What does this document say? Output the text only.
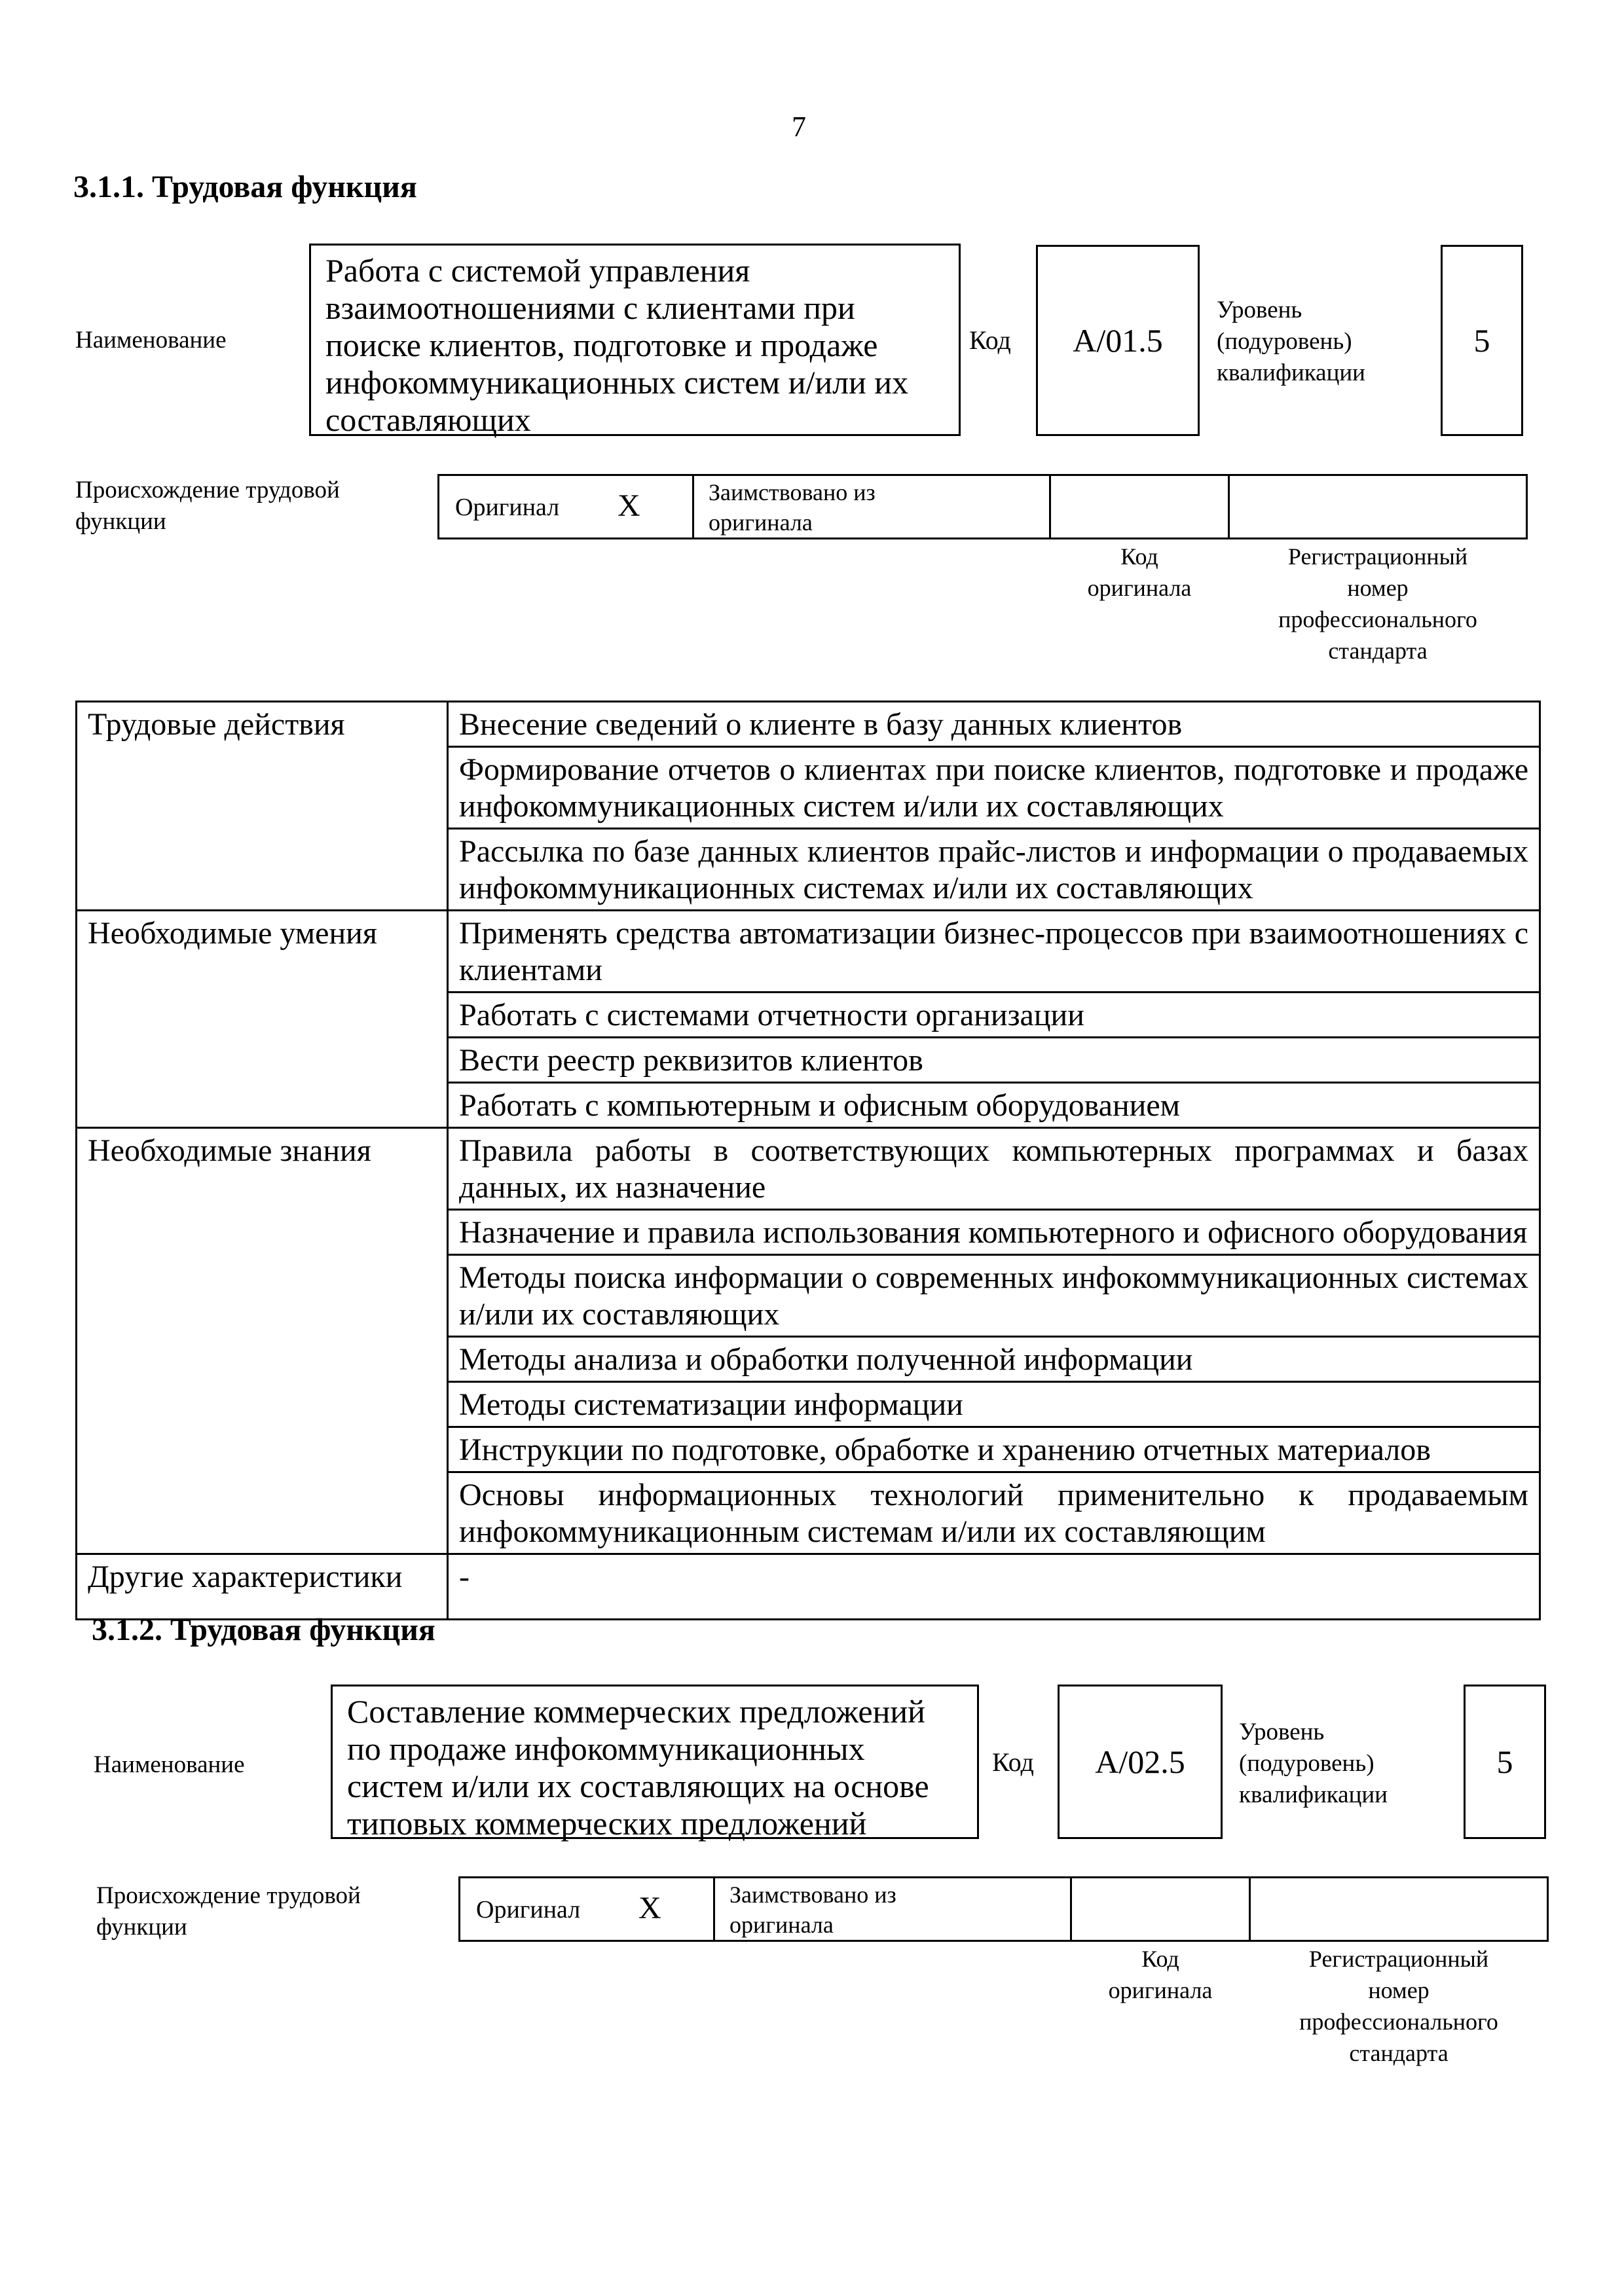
7
3.1.1. Трудовая функция
Наименование
Работа с системой управления
взаимоотношениями с клиентами при
поиске клиентов, подготовке и продаже
инфокоммуникационных систем и/или их
составляющих
Код	A/01.5
Уровень
(подуровень)
квалификации
5
Происхождение трудовой
функции
Оригинал X	Заимствовано из
оригинала
Код
оригинала
Регистрационный
номер
профессионального
стандарта
Трудовые действия	Внесение сведений о клиенте в базу данных клиентов
	Формирование отчетов о клиентах при поиске клиентов, подготовке и продаже инфокоммуникационных систем и/или их составляющих
	Рассылка по базе данных клиентов прайс-листов и информации о продаваемых инфокоммуникационных системах и/или их составляющих
Необходимые умения	Применять средства автоматизации бизнес-процессов при взаимоотношениях с клиентами
	Работать с системами отчетности организации
	Вести реестр реквизитов клиентов
	Работать с компьютерным и офисным оборудованием
Необходимые знания	Правила работы в соответствующих компьютерных программах и базах данных, их назначение
	Назначение и правила использования компьютерного и офисного оборудования
	Методы поиска информации о современных инфокоммуникационных системах и/или их составляющих
	Методы анализа и обработки полученной информации
	Методы систематизации информации
	Инструкции по подготовке, обработке и хранению отчетных материалов
	Основы информационных технологий применительно к продаваемым инфокоммуникационным системам и/или их составляющим
Другие характеристики	-
3.1.2. Трудовая функция
Наименование
Составление коммерческих предложений
по продаже инфокоммуникационных
систем и/или их составляющих на основе
типовых коммерческих предложений
Код	A/02.5
Уровень
(подуровень)
квалификации
5
Происхождение трудовой
функции
Оригинал X	Заимствовано из
оригинала
Код
оригинала
Регистрационный
номер
профессионального
стандарта
